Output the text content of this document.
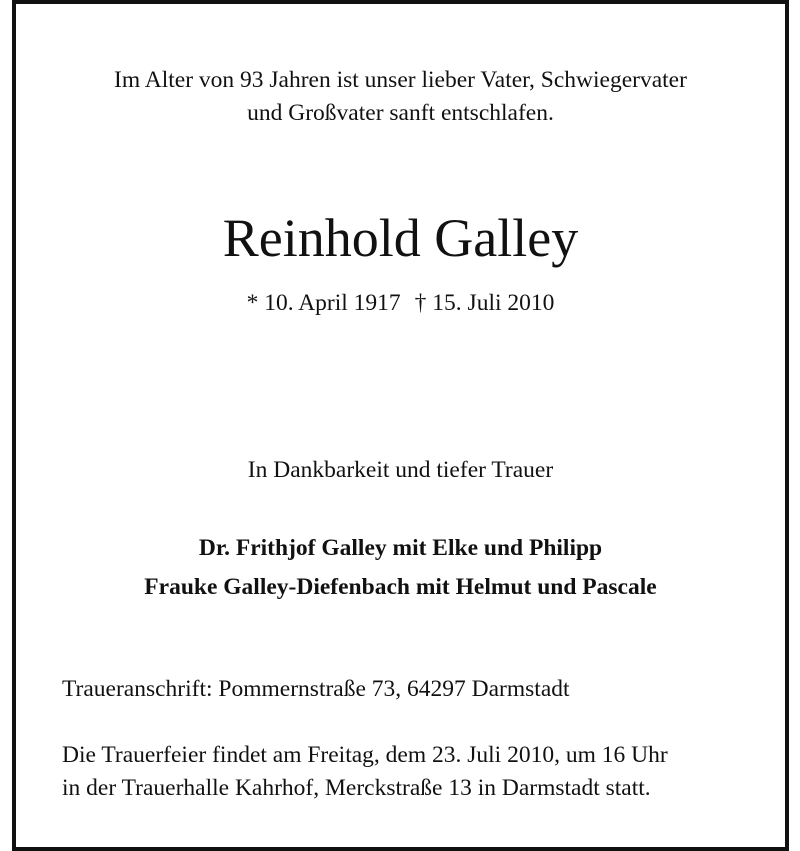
Im Alter von 93 Jahren ist unser lieber Vater, Schwiegervater
und Großvater sanft entschlafen.
Reinhold Galley
* 10. April 1917 † 15. Juli 2010
In Dankbarkeit und tiefer Trauer
Dr. Frithjof Galley mit Elke und Philipp
Frauke Galley-Diefenbach mit Helmut und Pascale
Traueranschrift: Pommernstraße 73, 64297 Darmstadt
Die Trauerfeier findet am Freitag, dem 23. Juli 2010, um 16 Uhr
in der Trauerhalle Kahrhof, Merckstraße 13 in Darmstadt statt.
